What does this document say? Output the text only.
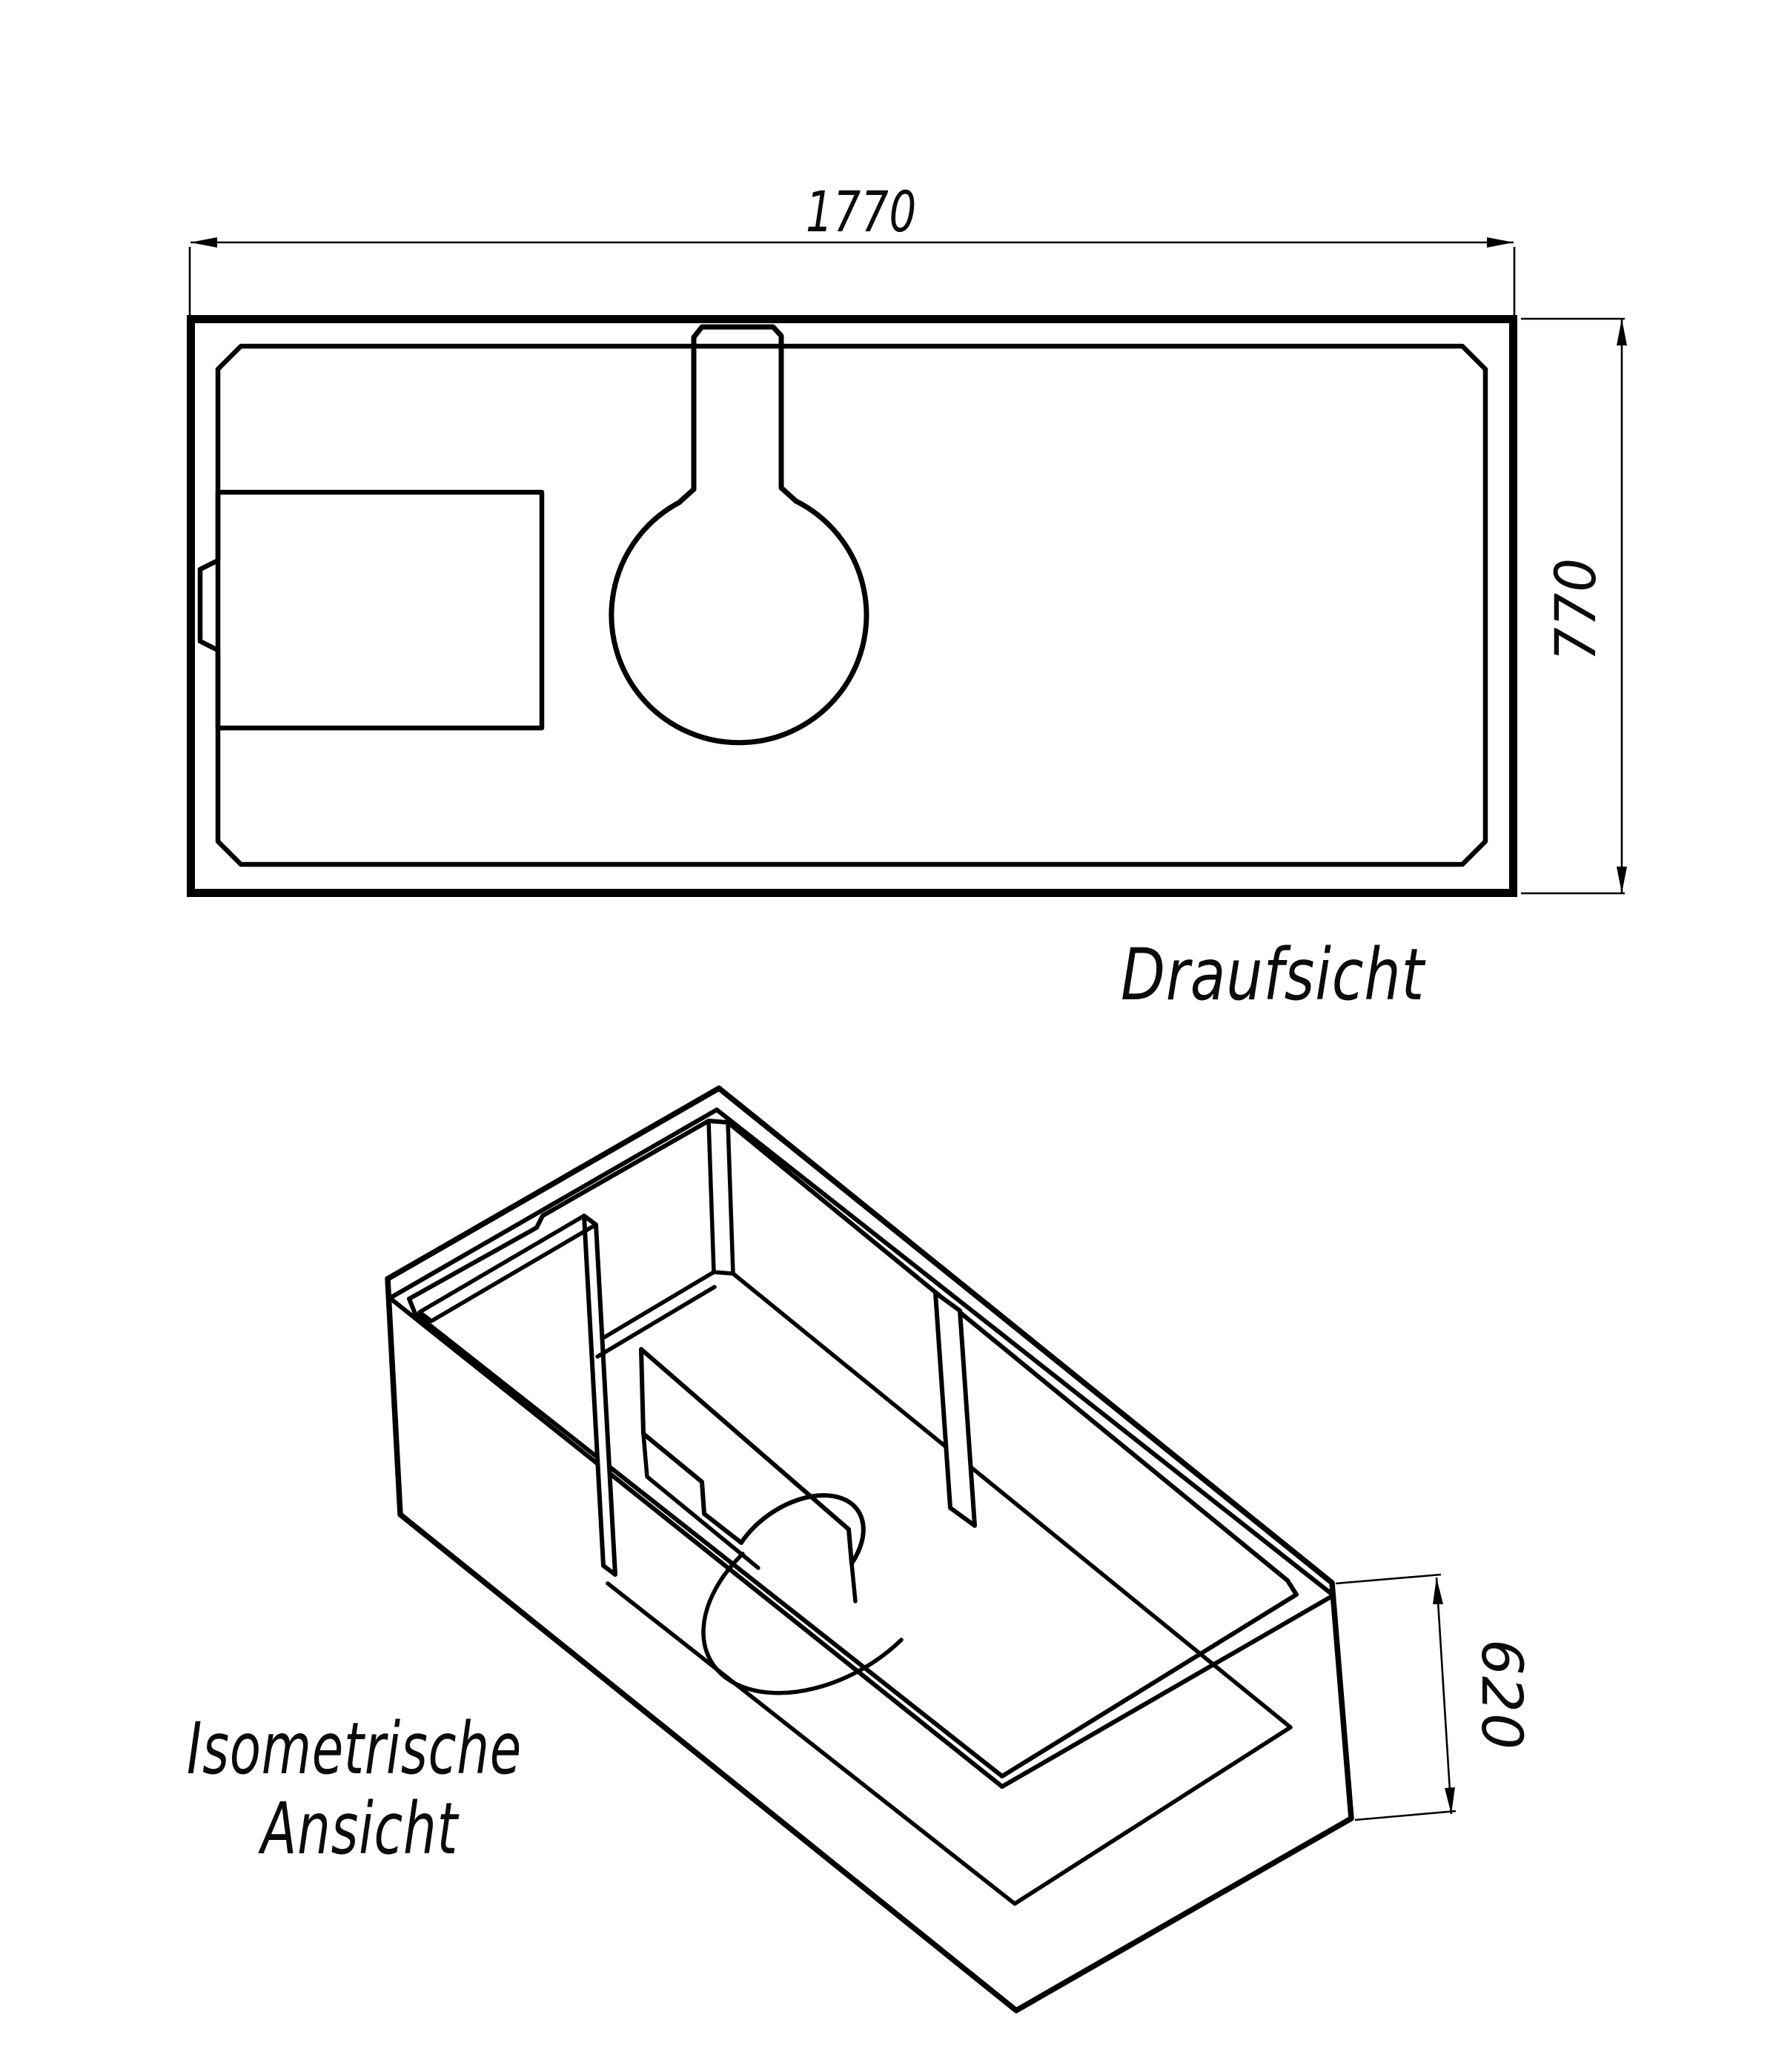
1770
770
Draufsicht
620
Isometrische
Ansicht
